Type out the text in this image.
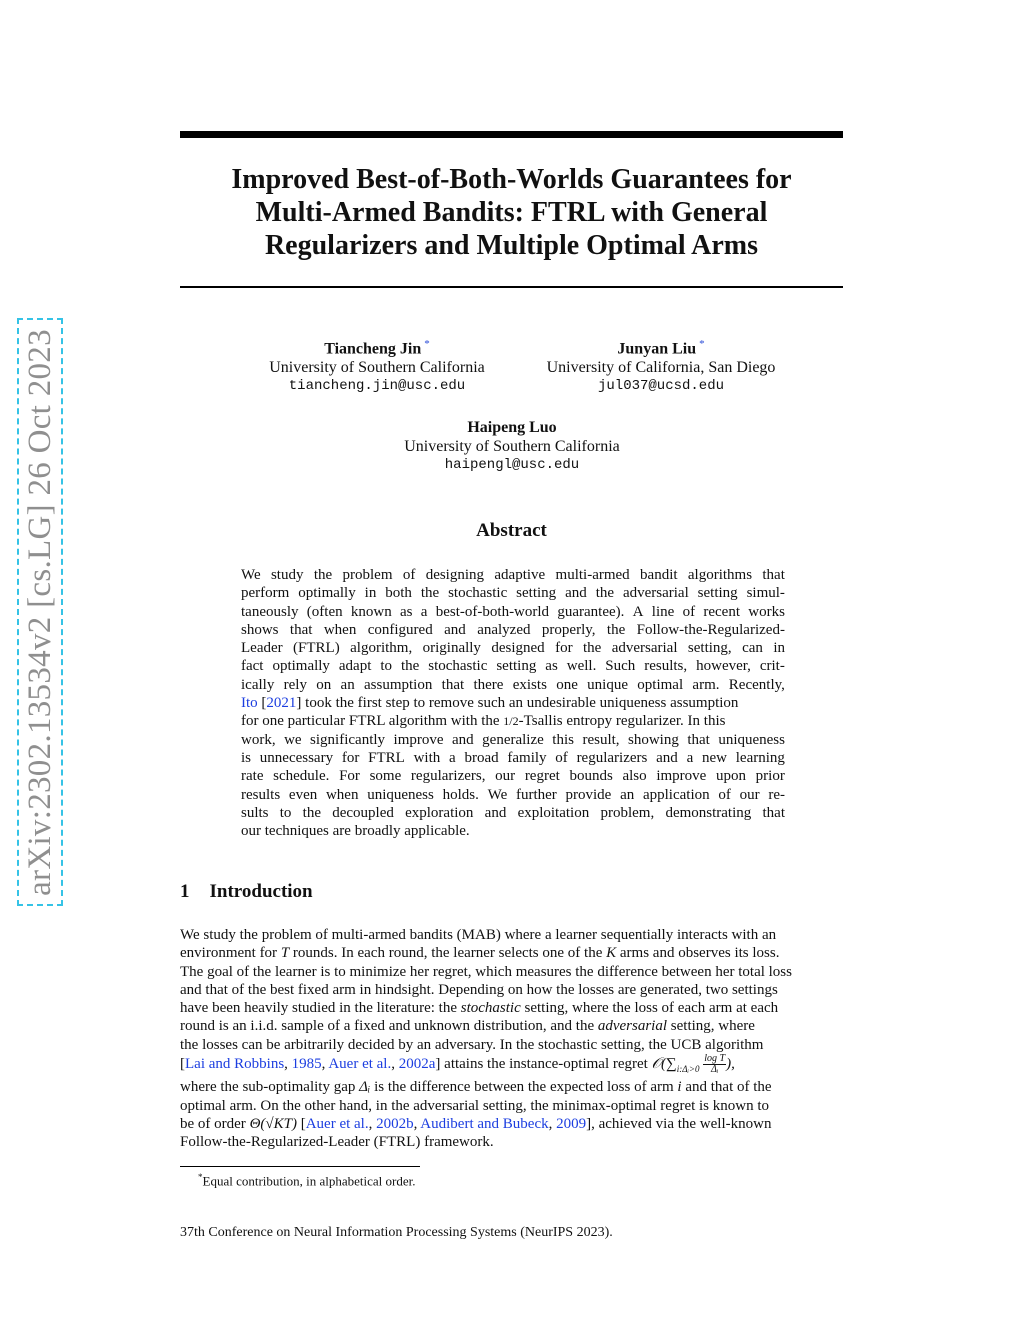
arXiv:2302.13534v2 [cs.LG] 26 Oct 2023
Improved Best-of-Both-Worlds Guarantees for
Multi-Armed Bandits: FTRL with General
Regularizers and Multiple Optimal Arms
Tiancheng Jin *
University of Southern California
tiancheng.jin@usc.edu
Junyan Liu *
University of California, San Diego
jul037@ucsd.edu
Haipeng Luo
University of Southern California
haipengl@usc.edu
Abstract
We study the problem of designing adaptive multi-armed bandit algorithms that
perform optimally in both the stochastic setting and the adversarial setting simul-
taneously (often known as a best-of-both-world guarantee). A line of recent works
shows that when configured and analyzed properly, the Follow-the-Regularized-
Leader (FTRL) algorithm, originally designed for the adversarial setting, can in
fact optimally adapt to the stochastic setting as well. Such results, however, crit-
ically rely on an assumption that there exists one unique optimal arm. Recently,
Ito [2021] took the first step to remove such an undesirable uniqueness assumption
for one particular FTRL algorithm with the 1/2-Tsallis entropy regularizer. In this
work, we significantly improve and generalize this result, showing that uniqueness
is unnecessary for FTRL with a broad family of regularizers and a new learning
rate schedule. For some regularizers, our regret bounds also improve upon prior
results even when uniqueness holds. We further provide an application of our re-
sults to the decoupled exploration and exploitation problem, demonstrating that
our techniques are broadly applicable.
1 Introduction
We study the problem of multi-armed bandits (MAB) where a learner sequentially interacts with an
environment for T rounds. In each round, the learner selects one of the K arms and observes its loss.
The goal of the learner is to minimize her regret, which measures the difference between her total loss
and that of the best fixed arm in hindsight. Depending on how the losses are generated, two settings
have been heavily studied in the literature: the stochastic setting, where the loss of each arm at each
round is an i.i.d. sample of a fixed and unknown distribution, and the adversarial setting, where
the losses can be arbitrarily decided by an adversary. In the stochastic setting, the UCB algorithm
[Lai and Robbins, 1985, Auer et al., 2002a] attains the instance-optimal regret $𝒪(\sum_{i:\Delta ᵢ>0} \frac{\text{log T}}{\text{Δᵢ}}$ ),
where the sub-optimality gap Δᵢ is the difference between the expected loss of arm i and that of the
optimal arm. On the other hand, in the adversarial setting, the minimax-optimal regret is known to
be of order Θ(√KT) [Auer et al., 2002b, Audibert and Bubeck, 2009], achieved via the well-known
Follow-the-Regularized-Leader (FTRL) framework.
*Equal contribution, in alphabetical order.
37th Conference on Neural Information Processing Systems (NeurIPS 2023).
